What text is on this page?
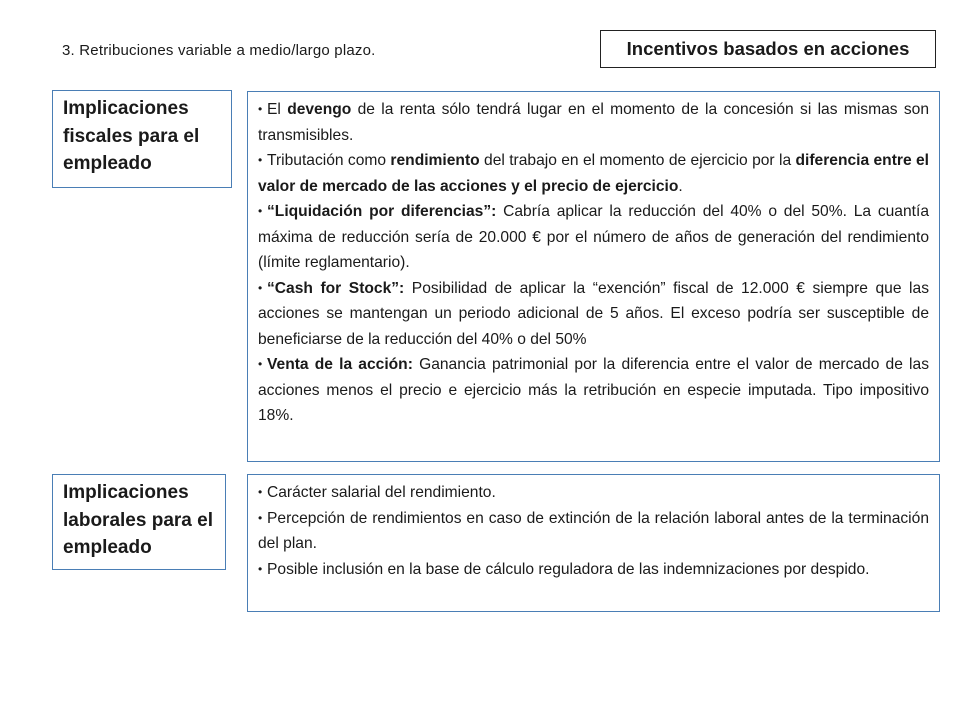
3. Retribuciones variable a medio/largo plazo.	Incentivos basados en acciones
Implicaciones fiscales para el empleado
• El devengo de la renta sólo tendrá lugar en el momento de la concesión si las mismas son transmisibles.
• Tributación como rendimiento del trabajo en el momento de ejercicio por la diferencia entre el valor de mercado de las acciones y el precio de ejercicio.
• “Liquidación por diferencias”: Cabría aplicar la reducción del 40% o del 50%. La cuantía máxima de reducción sería de 20.000 € por el número de años de generación del rendimiento (límite reglamentario).
• “Cash for Stock”: Posibilidad de aplicar la “exención” fiscal de 12.000 € siempre que las acciones se mantengan un periodo adicional de 5 años. El exceso podría ser susceptible de beneficiarse de la reducción del 40% o del 50%
• Venta de la acción: Ganancia patrimonial por la diferencia entre el valor de mercado de las acciones menos el precio e ejercicio más la retribución en especie imputada. Tipo impositivo 18%.
Implicaciones laborales para el empleado
• Carácter salarial del rendimiento.
• Percepción de rendimientos en caso de extinción de la relación laboral antes de la terminación del plan.
• Posible inclusión en la base de cálculo reguladora de las indemnizaciones por despido.
